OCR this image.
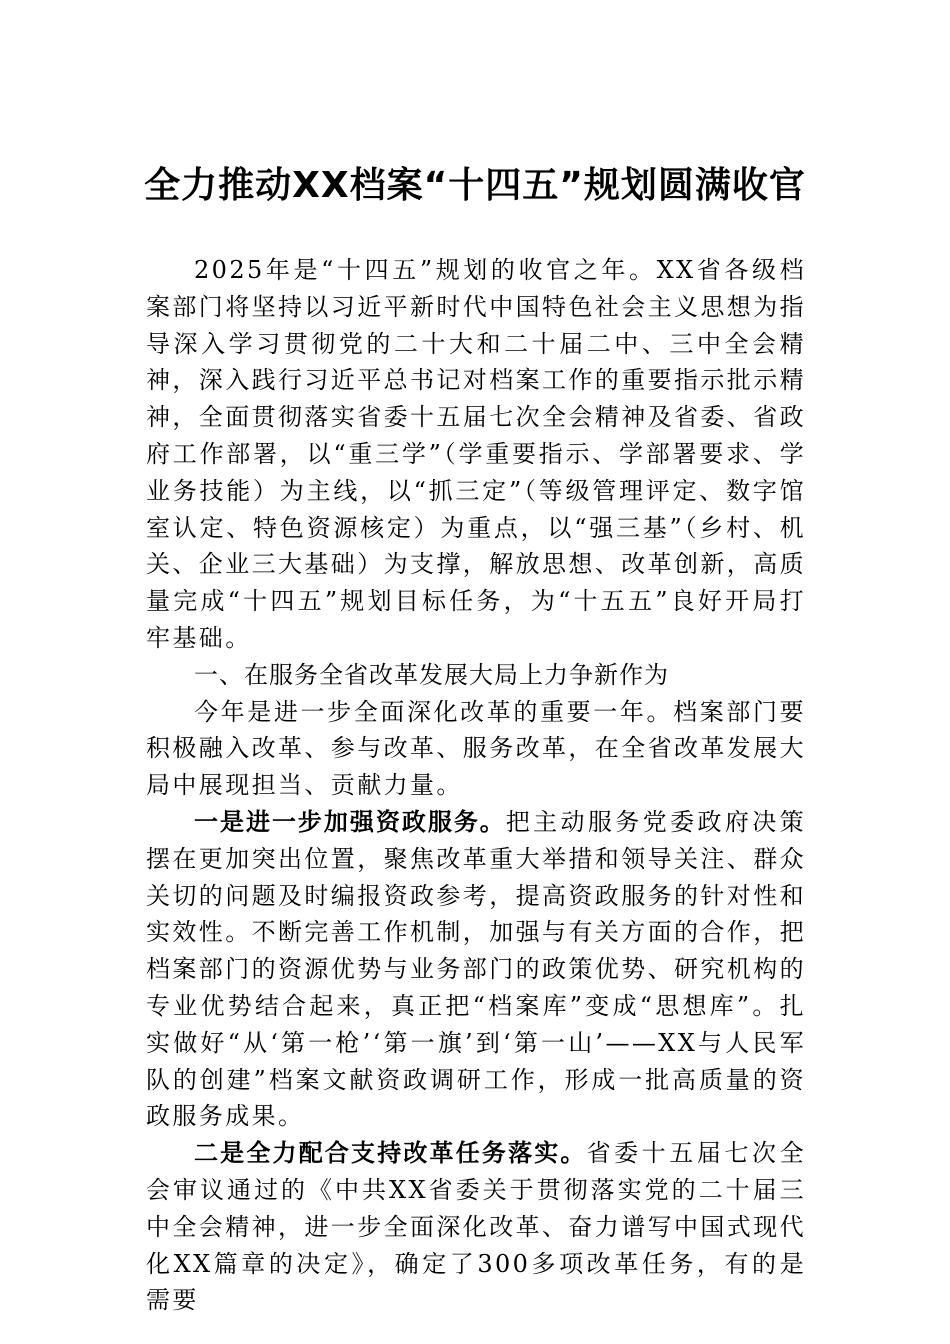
全力推动XX档案“十四五”规划圆满收官

2025年是“十四五”规划的收官之年。XX省各级档案部门将坚持以习近平新时代中国特色社会主义思想为指导深入学习贯彻党的二十大和二十届二中、三中全会精神，深入践行习近平总书记对档案工作的重要指示批示精神，全面贯彻落实省委十五届七次全会精神及省委、省政府工作部署，以“重三学”（学重要指示、学部署要求、学业务技能）为主线，以“抓三定”（等级管理评定、数字馆室认定、特色资源核定）为重点，以“强三基”（乡村、机关、企业三大基础）为支撑，解放思想、改革创新，高质量完成“十四五”规划目标任务，为“十五五”良好开局打牢基础。

一、在服务全省改革发展大局上力争新作为

今年是进一步全面深化改革的重要一年。档案部门要积极融入改革、参与改革、服务改革，在全省改革发展大局中展现担当、贡献力量。

一是进一步加强资政服务。把主动服务党委政府决策摆在更加突出位置，聚焦改革重大举措和领导关注、群众关切的问题及时编报资政参考，提高资政服务的针对性和实效性。不断完善工作机制，加强与有关方面的合作，把档案部门的资源优势与业务部门的政策优势、研究机构的专业优势结合起来，真正把“档案库”变成“思想库”。扎实做好“从‘第一枪’‘第一旗’到‘第一山’——XX与人民军队的创建”档案文献资政调研工作，形成一批高质量的资政服务成果。

二是全力配合支持改革任务落实。省委十五届七次全会审议通过的《中共XX省委关于贯彻落实党的二十届三中全会精神，进一步全面深化改革、奋力谱写中国式现代化XX篇章的决定》，确定了300多项改革任务，有的是需要
